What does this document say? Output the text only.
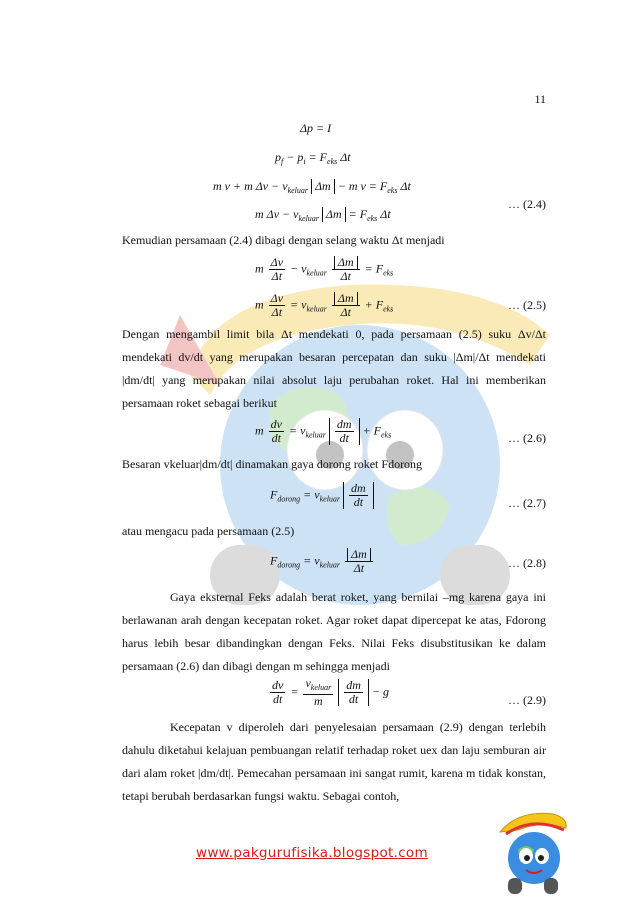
11
Δp = I
$p_f - p_i = F_{eks}$ Δt
m v + m $\Delta v - v_{keluar}$ Δm − m $v = F_{eks}$ Δt
m $\Delta v - v_{keluar}$ $\Delta m = F_{eks}$ Δt
… (2.4)

Kemudian persamaan (2.4) dibagi dengan selang waktu Δt menjadi

m $\frac{\Delta v}{\Delta t} - v_{keluar} \frac{\Delta m}{\Delta t} = F_{eks}$
m $\frac{\Delta v}{\Delta t} = v_{keluar} \frac{\Delta m}{\Delta t} + F_{eks}$	… (2.5)

Dengan mengambil limit bila Δt mendekati 0, pada persamaan (2.5) suku Δv/Δt mendekati dv/dt yang merupakan besaran percepatan dan suku |Δm|/Δt mendekati |dm/dt| yang merupakan nilai absolut laju perubahan roket. Hal ini memberikan persamaan roket sebagai berikut

m $\frac{dv}{dt} = v_{keluar} \frac{dm}{dt} + F_{eks}$	… (2.6)

Besaran vkeluar|dm/dt| dinamakan gaya dorong roket Fdorong

$F_{dorong} = v_{keluar} \frac{dm}{dt}$	… (2.7)

atau mengacu pada persamaan (2.5)

$F_{dorong} = v_{keluar} \frac{\Delta m}{\Delta t}$	… (2.8)

Gaya eksternal Feks adalah berat roket, yang bernilai –mg karena gaya ini berlawanan arah dengan kecepatan roket. Agar roket dapat dipercepat ke atas, Fdorong harus lebih besar dibandingkan dengan Feks. Nilai Feks disubstitusikan ke dalam persamaan (2.6) dan dibagi dengan m sehingga menjadi

$\frac{dv}{dt} = \frac{v_{keluar}}{m}$
$\frac{dm}{dt} - g$
… (2.9)

Kecepatan v diperoleh dari penyelesaian persamaan (2.9) dengan terlebih dahulu diketahui kelajuan pembuangan relatif terhadap roket uex dan laju semburan air dari alam roket |dm/dt|. Pemecahan persamaan ini sangat rumit, karena m tidak konstan, tetapi berubah berdasarkan fungsi waktu. Sebagai contoh,

www.pakgurufisika.blogspot.com
